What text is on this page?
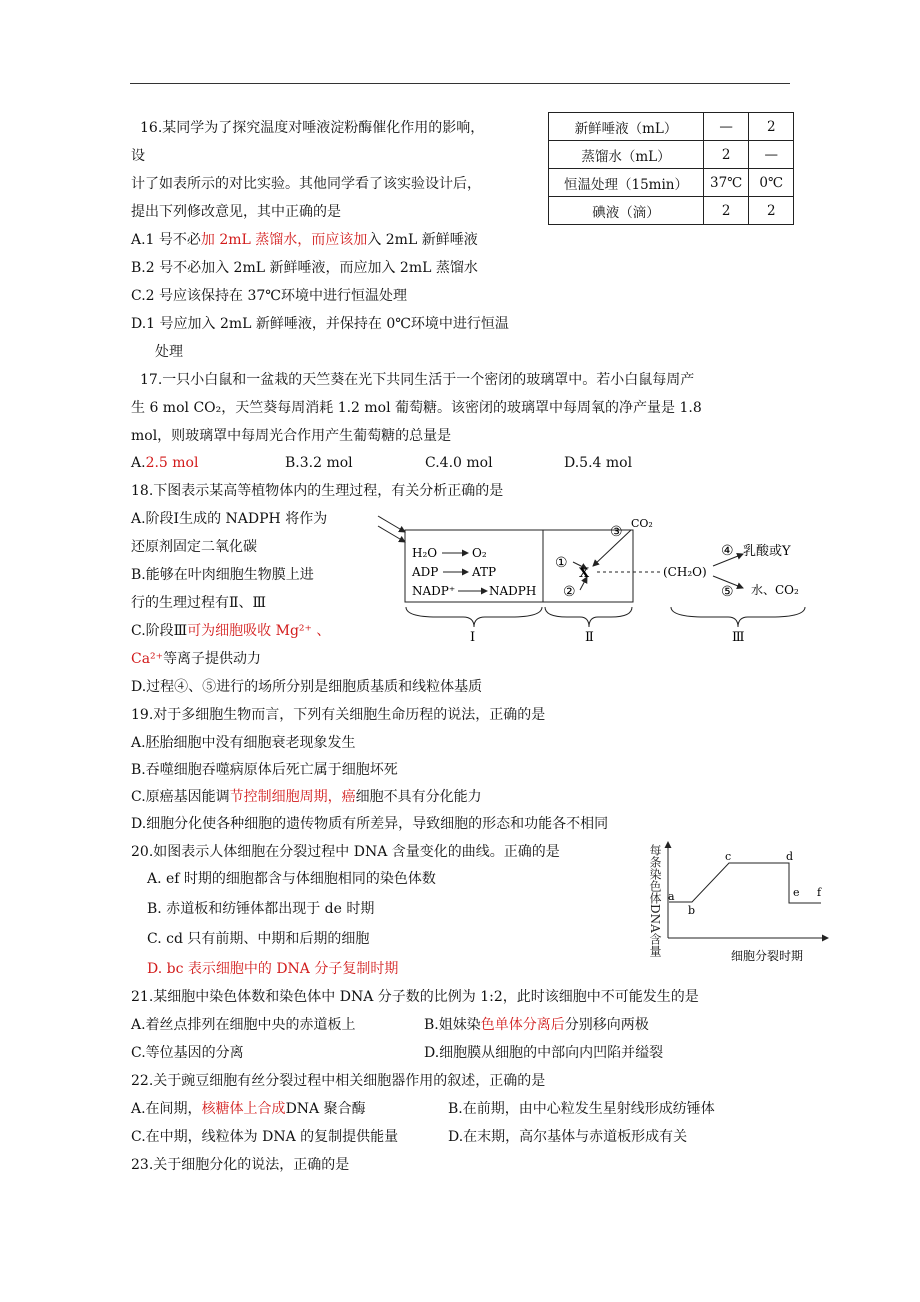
新鲜唾液（mL）	—	2
蒸馏水（mL）	2	—
恒温处理（15min）	37℃	0℃
碘液（滴）	2	2
16.某同学为了探究温度对唾液淀粉酶催化作用的影响，
设
计了如表所示的对比实验。其他同学看了该实验设计后，
提出下列修改意见，其中正确的是
A.1 号不必加 2mL 蒸馏水，而应该加入 2mL 新鲜唾液
B.2 号不必加入 2mL 新鲜唾液，而应加入 2mL 蒸馏水
C.2 号应该保持在 37℃环境中进行恒温处理
D.1 号应加入 2mL 新鲜唾液，并保持在 0℃环境中进行恒温
处理
17.一只小白鼠和一盆栽的天竺葵在光下共同生活于一个密闭的玻璃罩中。若小白鼠每周产
生 6 mol CO₂，天竺葵每周消耗 1.2 mol 葡萄糖。该密闭的玻璃罩中每周氧的净产量是 1.8
mol，则玻璃罩中每周光合作用产生葡萄糖的总量是
A.2.5 mol	B.3.2 mol	C.4.0 mol	D.5.4 mol
18.下图表示某高等植物体内的生理过程，有关分析正确的是
A.阶段Ⅰ生成的 NADPH 将作为
还原剂固定二氧化碳
B.能够在叶肉细胞生物膜上进
行的生理过程有Ⅱ、Ⅲ
C.阶段Ⅲ可为细胞吸收 Mg²⁺ 、
Ca²⁺等离子提供动力
D.过程④、⑤进行的场所分别是细胞质基质和线粒体基质
H₂O	O₂
ADP	ATP
NADP⁺	NADPH
①
②
X
③
CO₂
(CH₂O)
④ 乳酸或Y
⑤ 水、CO₂
Ⅰ	Ⅱ	Ⅲ
19.对于多细胞生物而言，下列有关细胞生命历程的说法，正确的是
A.胚胎细胞中没有细胞衰老现象发生
B.吞噬细胞吞噬病原体后死亡属于细胞坏死
C.原癌基因能调节控制细胞周期，癌细胞不具有分化能力
D.细胞分化使各种细胞的遗传物质有所差异，导致细胞的形态和功能各不相同
20.如图表示人体细胞在分裂过程中 DNA 含量变化的曲线。正确的是
A. ef 时期的细胞都含与体细胞相同的染色体数
B. 赤道板和纺锤体都出现于 de 时期
C. cd 只有前期、中期和后期的细胞
D. bc 表示细胞中的 DNA 分子复制时期
每条染色体DNA含量 a
b
c	d
e f
细胞分裂时期
21.某细胞中染色体数和染色体中 DNA 分子数的比例为 1:2，此时该细胞中不可能发生的是
A.着丝点排列在细胞中央的赤道板上	B.姐妹染色单体分离后分别移向两极
C.等位基因的分离	D.细胞膜从细胞的中部向内凹陷并缢裂
22.关于豌豆细胞有丝分裂过程中相关细胞器作用的叙述，正确的是
A.在间期，核糖体上合成DNA 聚合酶	B.在前期，由中心粒发生星射线形成纺锤体
C.在中期，线粒体为 DNA 的复制提供能量	D.在末期，高尔基体与赤道板形成有关
23.关于细胞分化的说法，正确的是
